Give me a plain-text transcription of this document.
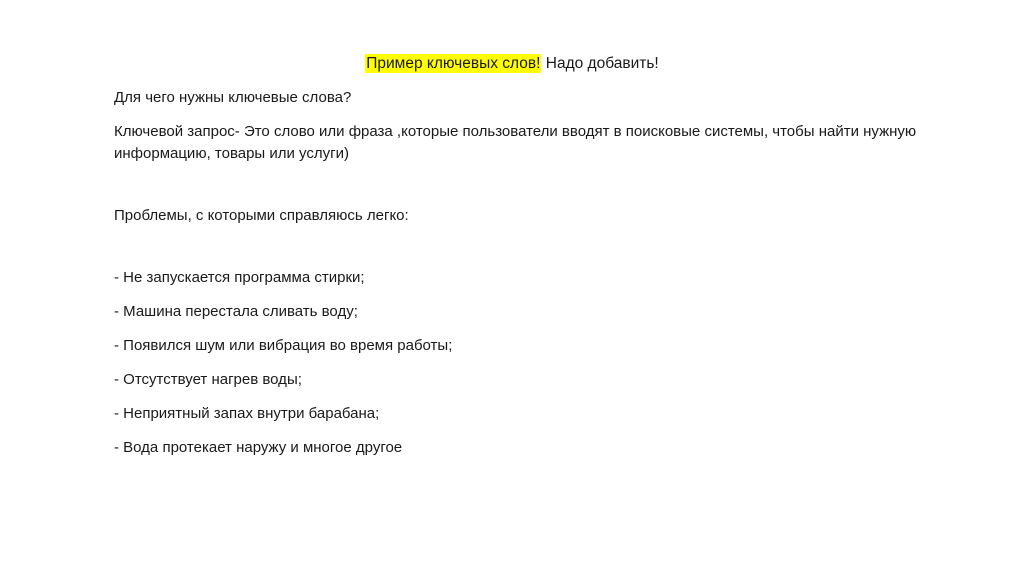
Пример ключевых слов! Надо добавить!

Для чего нужны ключевые слова?

Ключевой запрос- Это слово или фраза ,которые пользователи вводят в поисковые системы, чтобы найти нужную информацию, товары или услуги)

Проблемы, с которыми справляюсь легко:

- Не запускается программа стирки;
- Машина перестала сливать воду;
- Появился шум или вибрация во время работы;
- Отсутствует нагрев воды;
- Неприятный запах внутри барабана;
- Вода протекает наружу и многое другое
